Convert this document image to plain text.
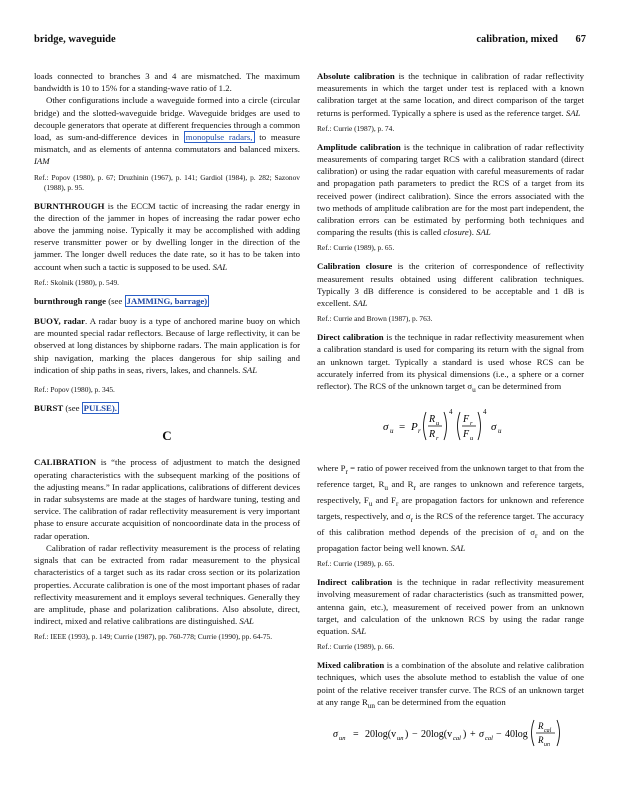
bridge, waveguide	calibration, mixed 67

loads connected to branches 3 and 4 are mismatched. The maximum bandwidth is 10 to 15% for a standing-wave ratio of 1.2.

Other configurations include a waveguide formed into a circle (circular bridge) and the slotted-waveguide bridge. Waveguide bridges are used to decouple generators that operate at different frequencies through a common load, as sum-and-difference devices in monopulse radars, to measure mismatch, and as elements of antenna commutators and balanced mixers. IAM

Ref.: Popov (1980), p. 67; Druzhinin (1967), p. 141; Gardiol (1984), p. 282; Sazonov (1988), p. 95.

BURNTHROUGH is the ECCM tactic of increasing the radar energy in the direction of the jammer in hopes of increasing the radar power echo above the jamming noise. Typically it may be accomplished with adding reserve transmitter power or by dwelling longer in the direction of the jammer. The longer dwell reduces the date rate, so it has to be taken into account when such a tactic is supposed to be used. SAL

Ref.: Skolnik (1980), p. 549.

burnthrough range (see JAMMING, barrage)

BUOY, radar. A radar buoy is a type of anchored marine buoy on which are mounted special radar reflectors. Because of large reflectivity, it can be observed at long distances by shipborne radars. The main application is for ship navigation, marking the places dangerous for ship sailing and indication of ship paths in seas, rivers, lakes, and channels. SAL

Ref.: Popov (1980), p. 345.

BURST (see PULSE).

C

CALIBRATION is “the process of adjustment to match the designed operating characteristics with the subsequent marking of the positions of the adjusting means.” In radar applications, calibrations of different devices in radar subsystems are made at the stages of hardware tuning, testing and service. The calibration of radar reflectivity measurement is very important phase to ensure accurate acquisition of noncoordinate data in the process of radar operation.

Calibration of radar reflectivity measurement is the process of relating signals that can be extracted from radar measurement to the physical characteristics of a target such as its radar cross section or its polarization properties. Accurate calibration is one of the most important phases of radar reflectivity measurement and it employs several techniques. Generally they are amplitude, phase and polarization calibrations. Also absolute, direct, indirect, mixed and relative calibrations are distinguished. SAL

Ref.: IEEE (1993), p. 149; Currie (1987), pp. 760-778; Currie (1990), pp. 64-75.

Absolute calibration is the technique in calibration of radar reflectivity measurements in which the target under test is replaced with a known calibration target at the same location, and direct comparison of the target returns is performed. Typically a sphere is used as the reference target. SAL

Ref.: Currie (1987), p. 74.

Amplitude calibration is the technique in calibration of radar reflectivity measurements of comparing target RCS with a calibration standard (direct calibration) or using the radar equation with careful measurements of radar and propagation path parameters to predict the RCS of a target from its received power (indirect calibration). Since the errors associated with the two methods of amplitude calibration are for the most part independent, the calibration errors can be estimated by performing both techniques and comparing the results (this is called closure). SAL

Ref.: Currie (1989), p. 65.

Calibration closure is the criterion of correspondence of reflectivity measurement results obtained using different calibration techniques. Typically 3 dB difference is considered to be acceptable and 1 dB is excellent. SAL

Ref.: Currie and Brown (1987), p. 763.

Direct calibration is the technique in radar reflectivity measurement when a calibration standard is used for comparing its return with the signal from an unknown target. Typically a standard is used whose RCS can be accurately inferred from its physical dimensions (i.e., a sphere or a corner reflector). The RCS of the unknown target $\sigma_u$ can be determined from

σ u = P r
R u
R r
4
F r
F u
4
σ u

where $P_r$ = ratio of power received from the unknown target to that from the reference target, $R_u$ and $R_r$ are ranges to unknown and reference targets, respectively, $F_u$ and $F_r$ are propagation factors for unknown and reference targets, respectively, and $\sigma_r$ is the RCS of the reference target. The accuracy of this calibration method depends of the precision of $\sigma_r$ and on the propagation factor being well known. SAL

Ref.: Currie (1989), p. 65.

Indirect calibration is the technique in radar reflectivity measurement involving measurement of radar characteristics (such as transmitted power, antenna gain, etc.), measurement of received power from an unknown target, and calculation of the unknown RCS by using the radar range equation. SAL

Ref.: Currie (1989), p. 66.

Mixed calibration is a combination of the absolute and relative calibration techniques, which uses the absolute method to establish the value of one point of the relative receiver transfer curve. The RCS of an unknown target at any range $R_{un}$ can be determined from the equation

σ un = 20log(v un ) − 20log(v cal ) + σ cal − 40log
R cal
R un
